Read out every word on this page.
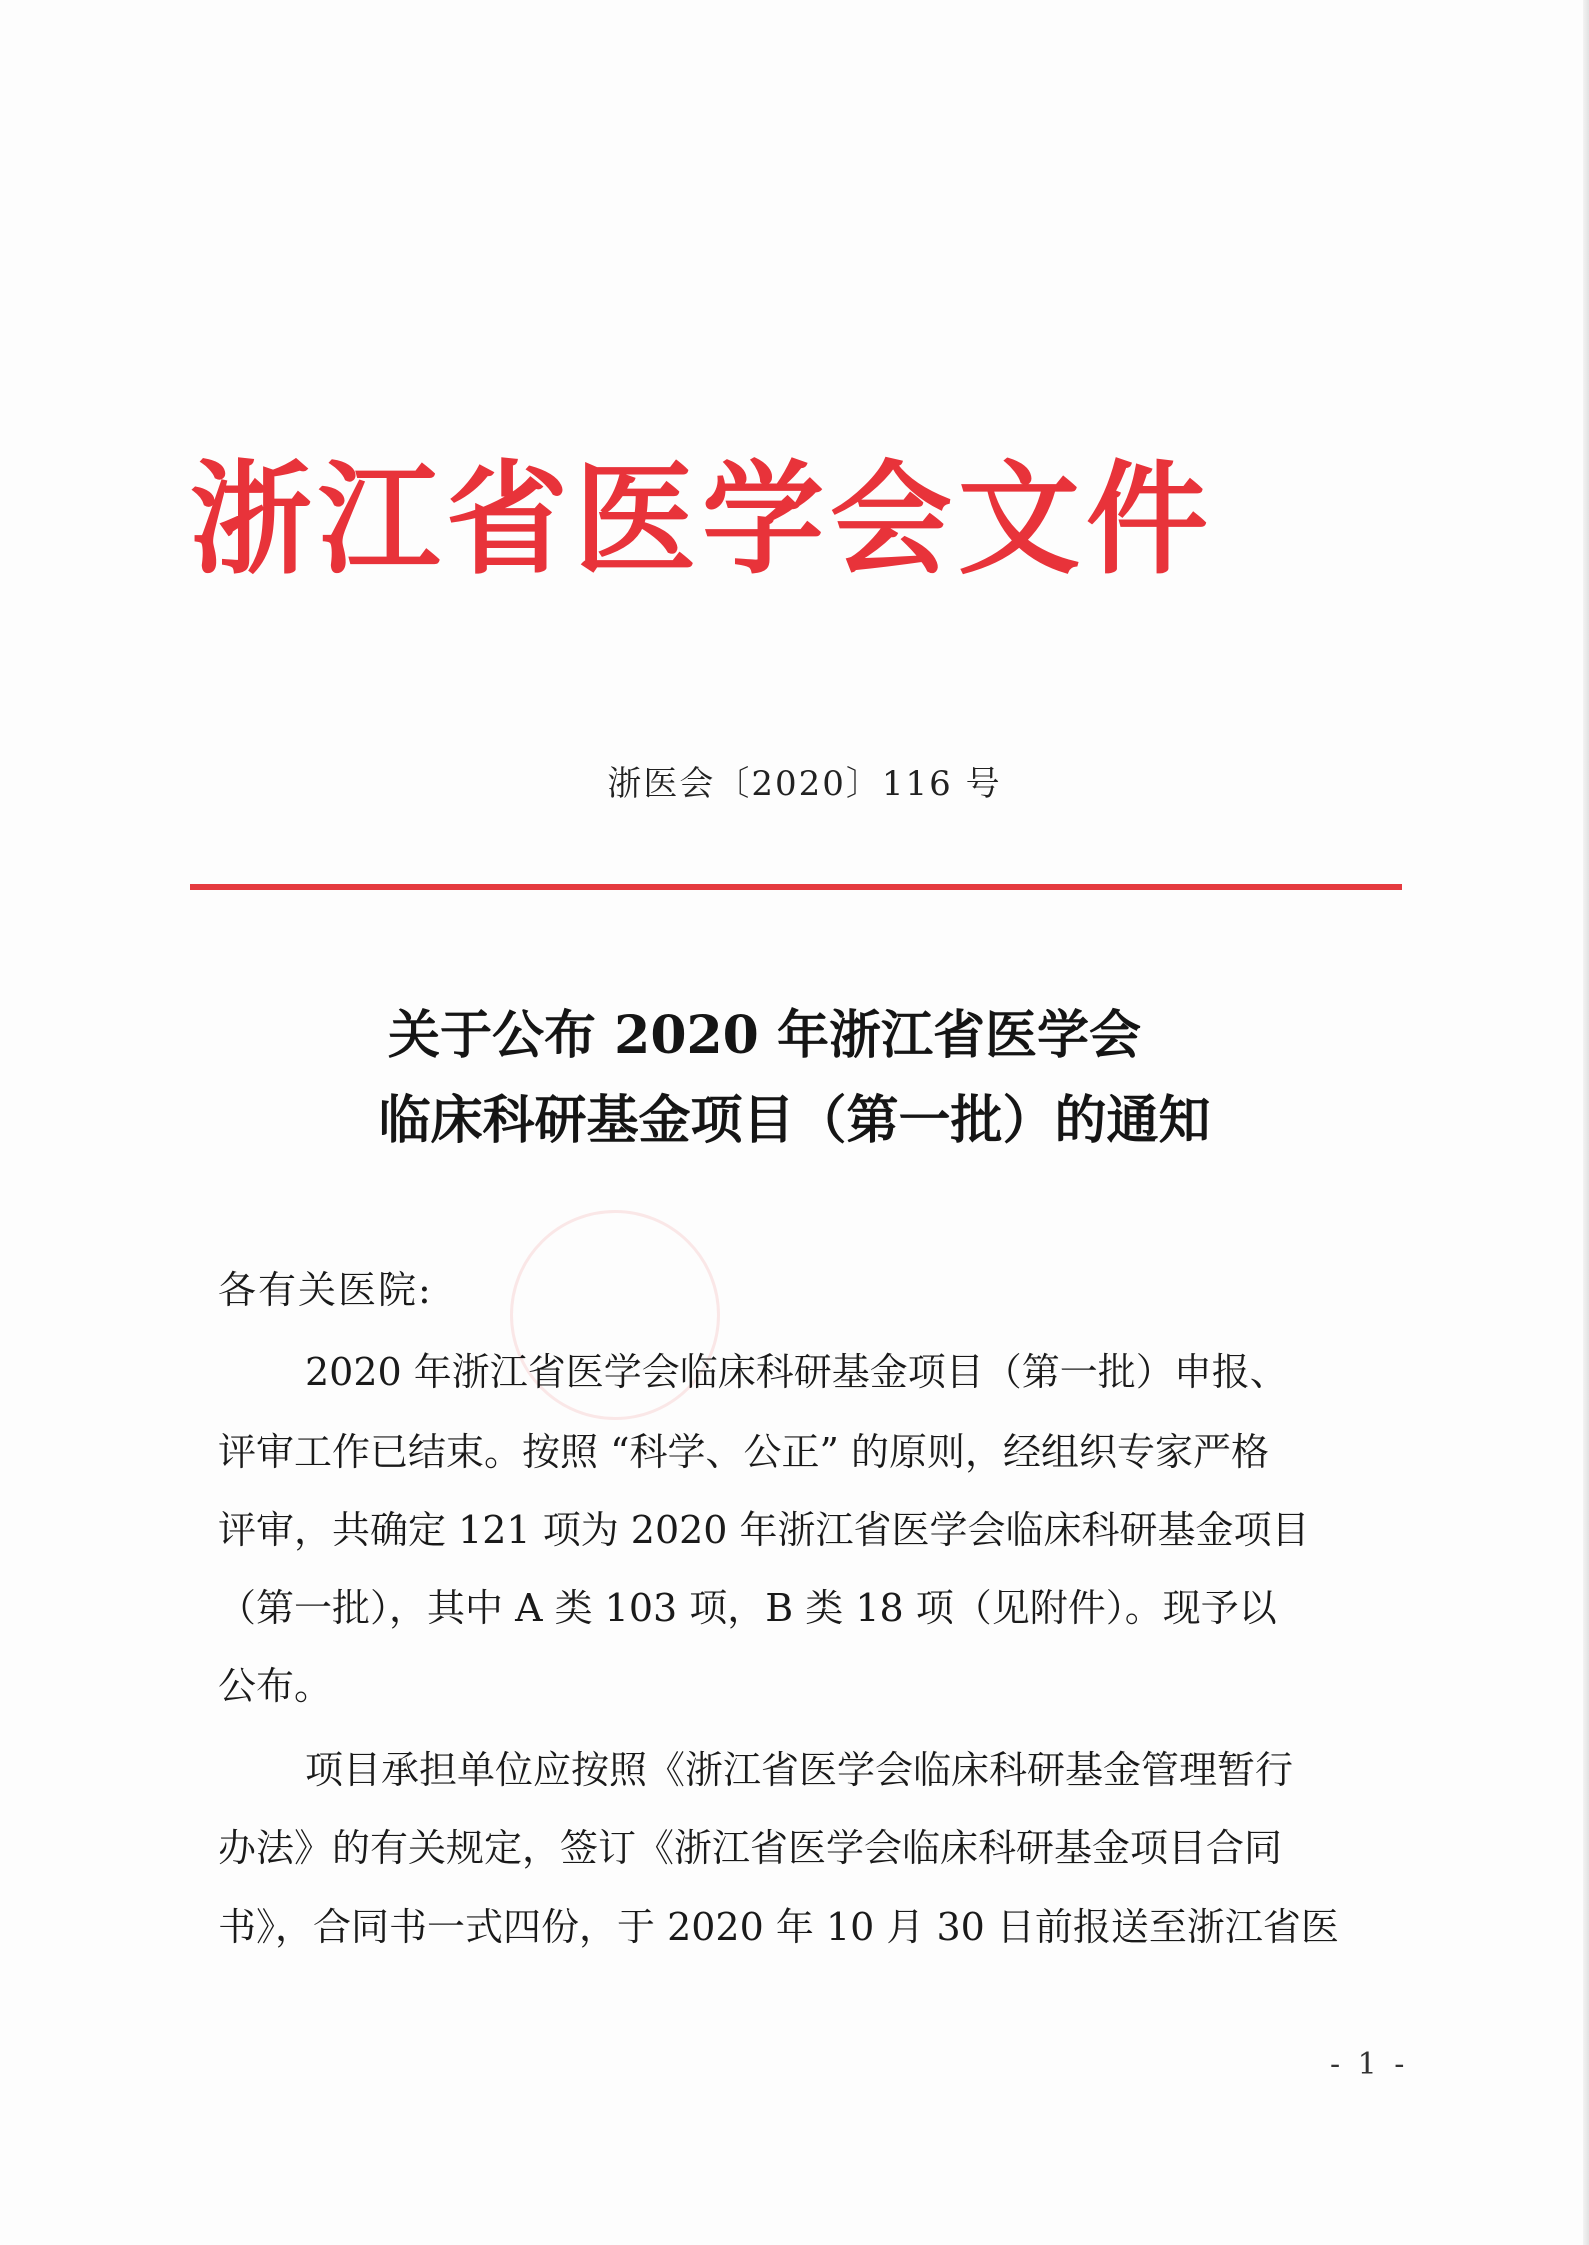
浙江省医学会文件
浙医会〔2020〕116 号
关于公布 2020 年浙江省医学会
临床科研基金项目（第一批）的通知
各有关医院:
2020 年浙江省医学会临床科研基金项目（第一批）申报、
评审工作已结束。按照 “科学、公正” 的原则，经组织专家严格
评审，共确定 121 项为 2020 年浙江省医学会临床科研基金项目
（第一批），其中 A 类 103 项，B 类 18 项（见附件）。现予以
公布。
项目承担单位应按照《浙江省医学会临床科研基金管理暂行
办法》的有关规定，签订《浙江省医学会临床科研基金项目合同
书》，合同书一式四份，于 2020 年 10 月 30 日前报送至浙江省医
- 1 -
